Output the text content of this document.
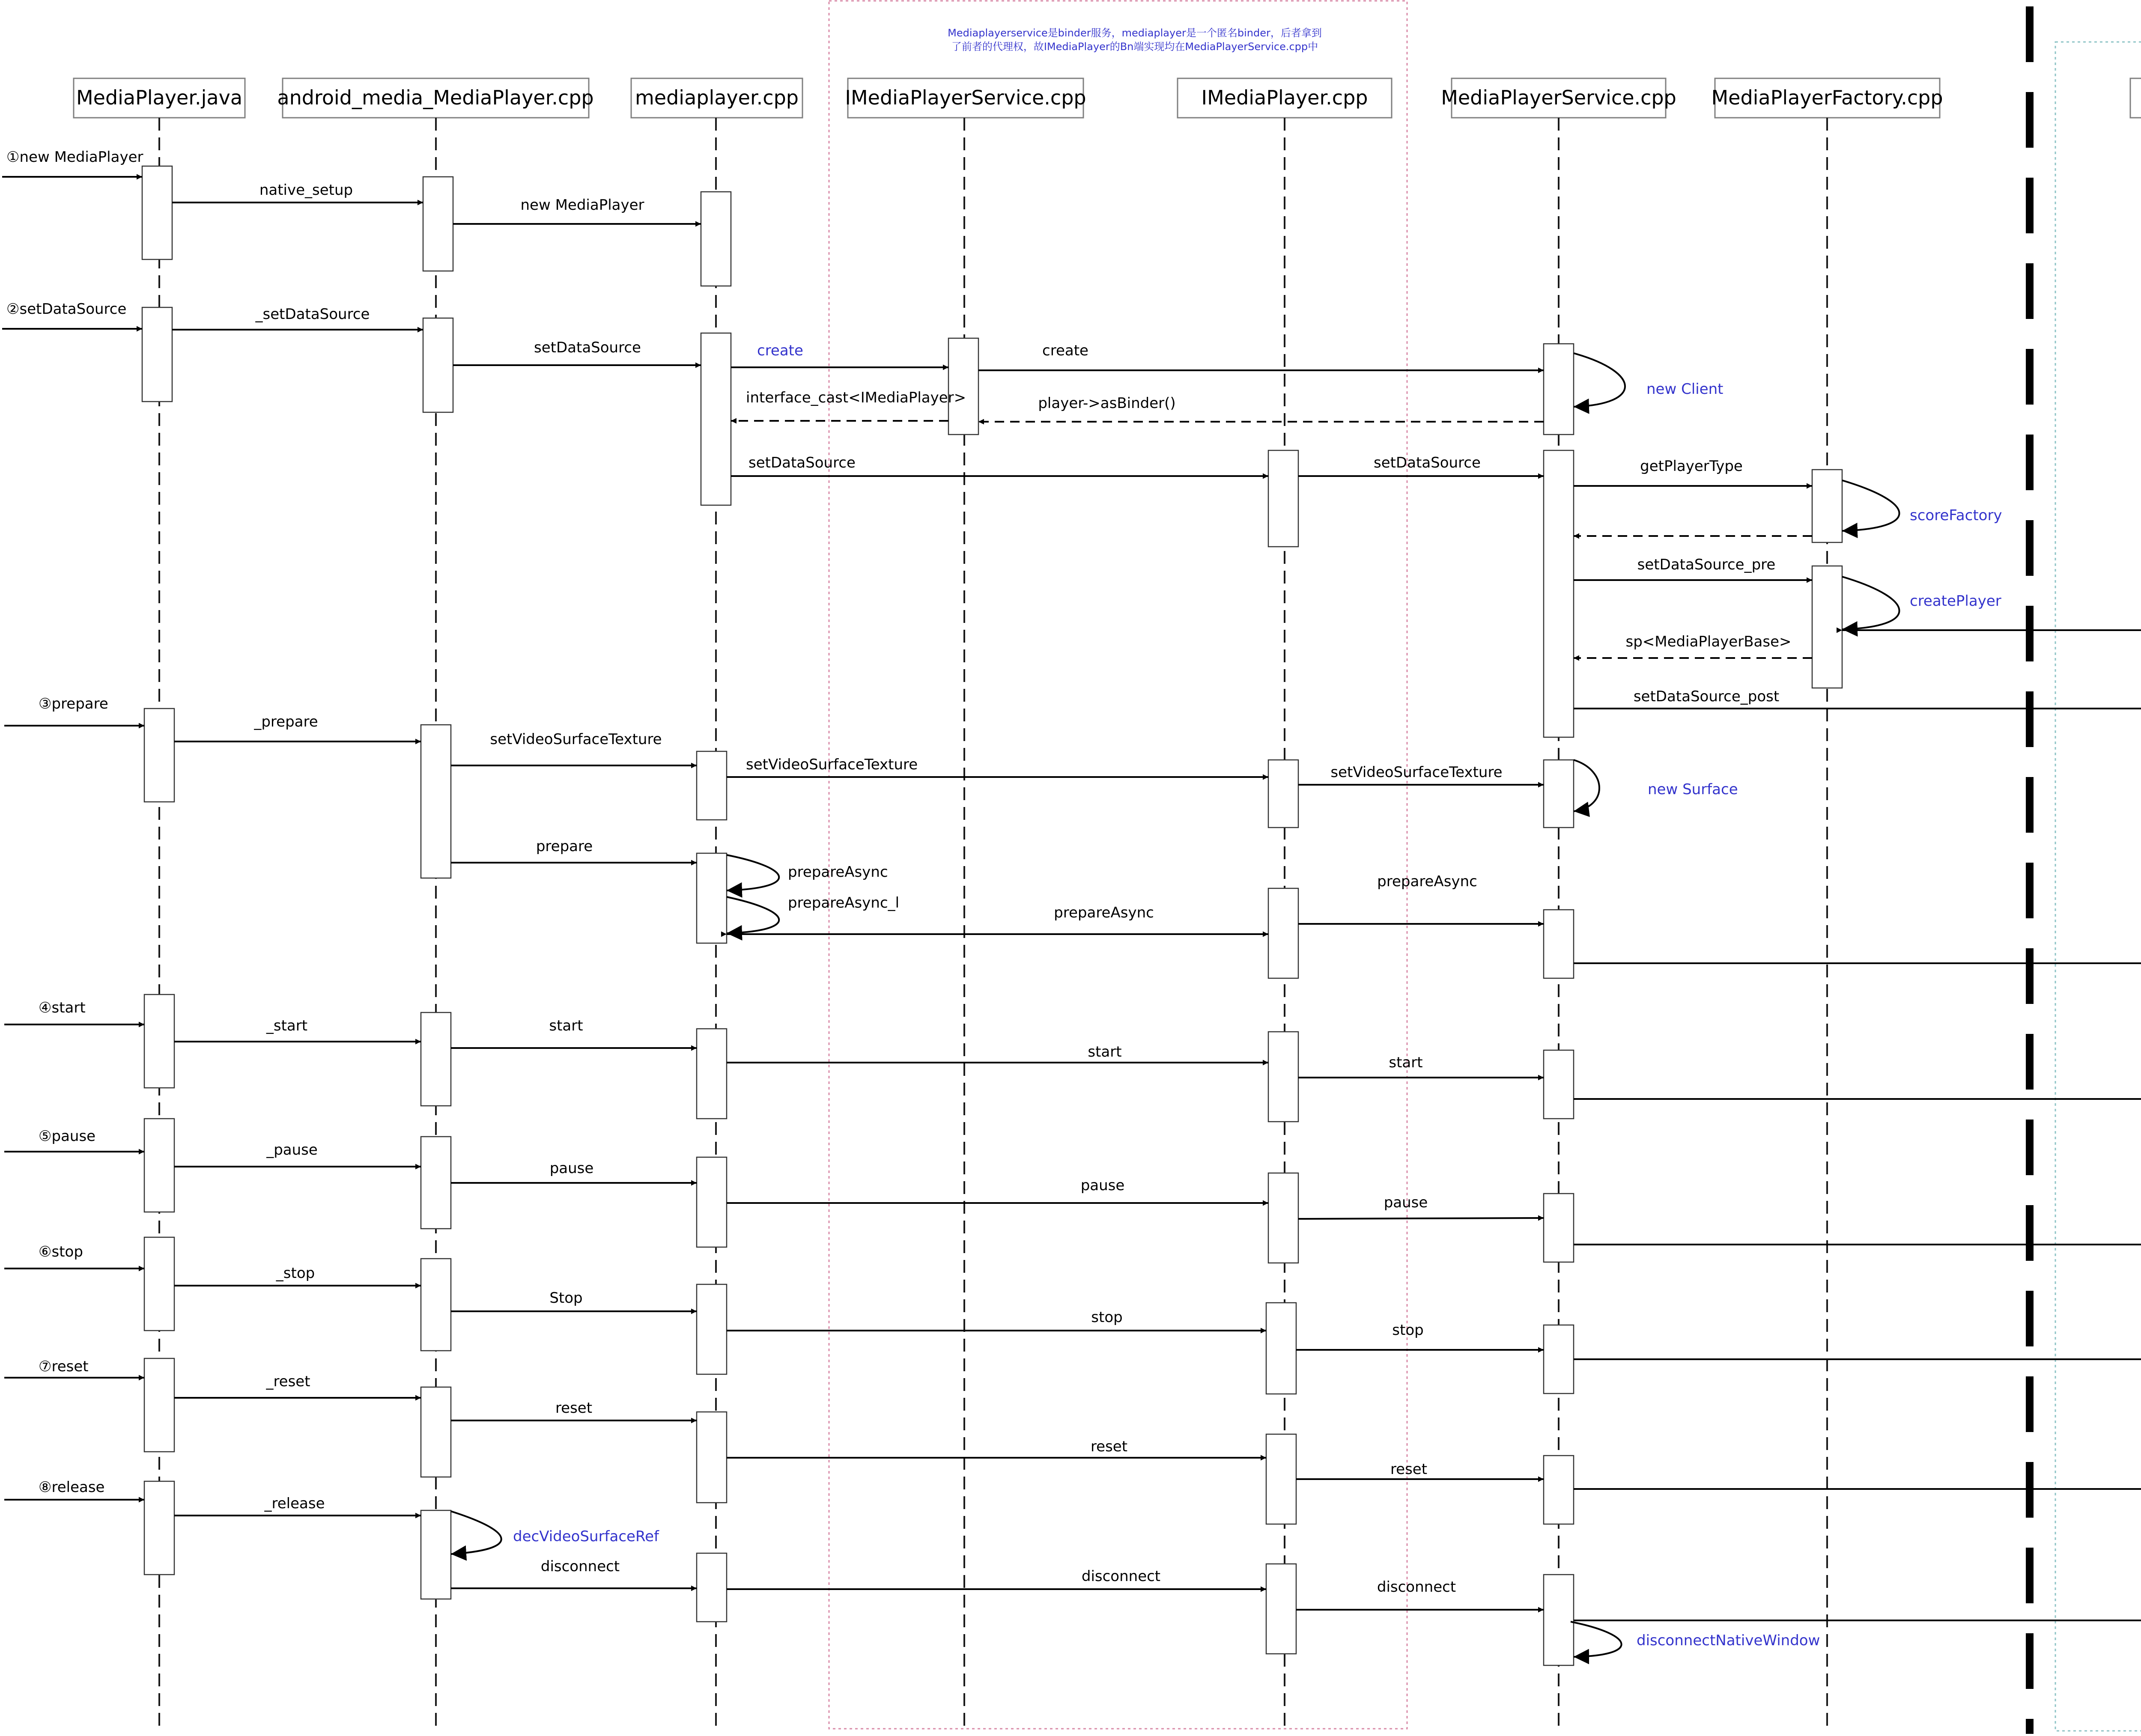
Mediaplayerservice是binder服务，mediaplayer是一个匿名binder，后者拿到
了前者的代理权，故IMediaPlayer的Bn端实现均在MediaPlayerService.cpp中
MediaPlayer.java android_media_MediaPlayer.cpp mediaplayer.cpp IMediaPlayerService.cpp	IMediaPlayer.cpp	MediaPlayerService.cpp MediaPlayerFactory.cpp
①new MediaPlayer
②setDataSource
③prepare
④start
⑤pause
⑥stop
⑦reset
⑧release
native_setup
new MediaPlayer
_setDataSource
setDataSource	create	create
new Client
player->asBinder()
interface_cast<IMediaPlayer>
setDataSource	setDataSource	getPlayerType
scoreFactory
setDataSource_pre
createPlayer
sp<MediaPlayerBase>
setDataSource_post
_prepare
setVideoSurfaceTexture
setVideoSurfaceTexture	setVideoSurfaceTexture
new Surface
prepare
prepareAsync
prepareAsync_l
prepareAsync
prepareAsync
_start	start
start
start
_pause
pause
pause
pause
_stop
Stop
stop
stop
_reset
reset
reset
reset
_release
decVideoSurfaceRef
disconnect
disconnect
disconnect
disconnectNativeWindow
